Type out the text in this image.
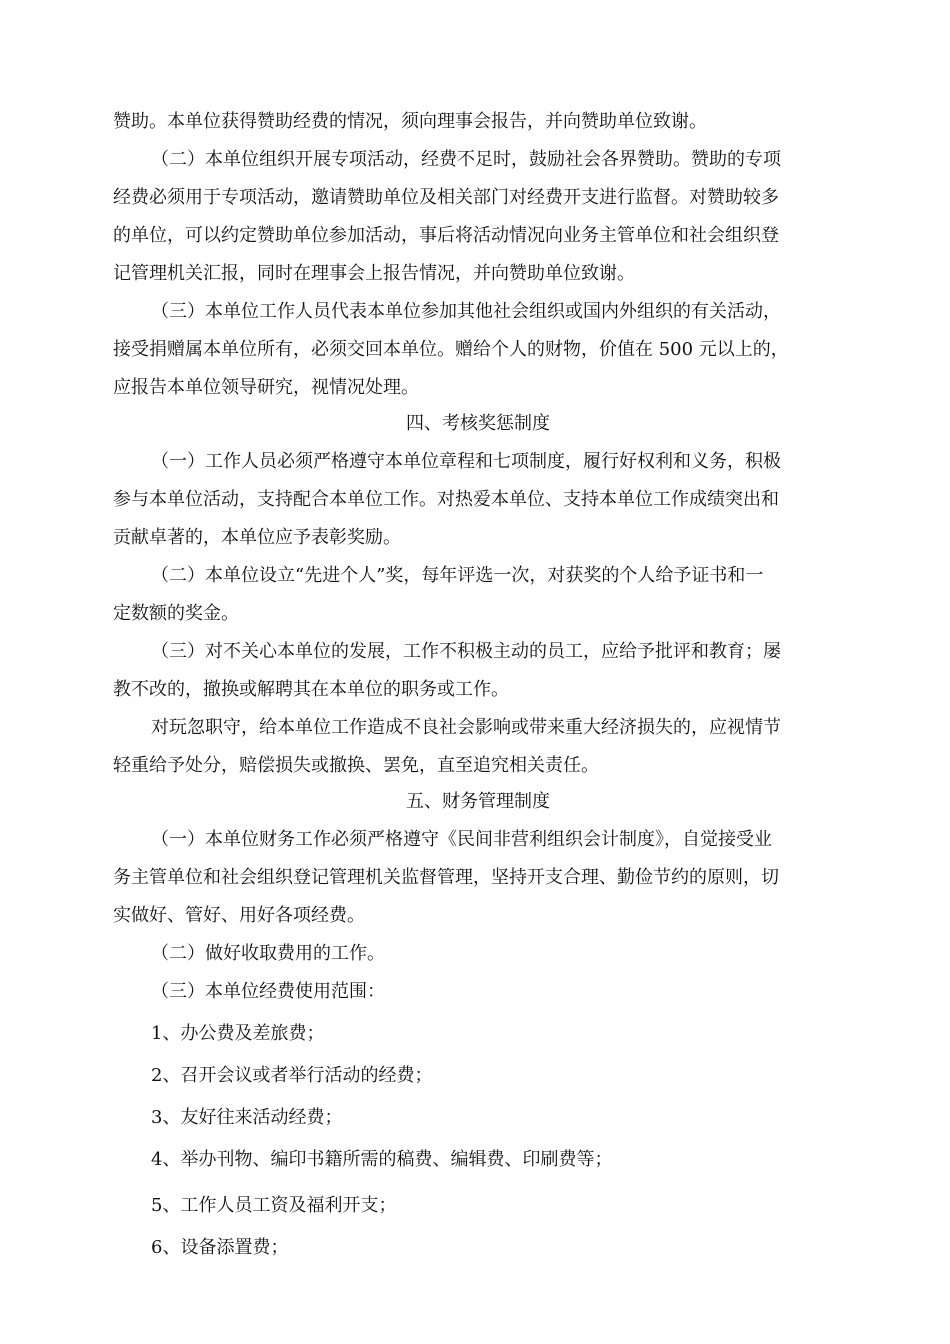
赞助。本单位获得赞助经费的情况，须向理事会报告，并向赞助单位致谢。
（二）本单位组织开展专项活动，经费不足时，鼓励社会各界赞助。赞助的专项
经费必须用于专项活动，邀请赞助单位及相关部门对经费开支进行监督。对赞助较多
的单位，可以约定赞助单位参加活动，事后将活动情况向业务主管单位和社会组织登
记管理机关汇报，同时在理事会上报告情况，并向赞助单位致谢。
（三）本单位工作人员代表本单位参加其他社会组织或国内外组织的有关活动，
接受捐赠属本单位所有，必须交回本单位。赠给个人的财物，价值在 500 元以上的，
应报告本单位领导研究，视情况处理。
四、考核奖惩制度
（一）工作人员必须严格遵守本单位章程和七项制度，履行好权利和义务，积极
参与本单位活动，支持配合本单位工作。对热爱本单位、支持本单位工作成绩突出和
贡献卓著的，本单位应予表彰奖励。
（二）本单位设立“先进个人”奖，每年评选一次，对获奖的个人给予证书和一
定数额的奖金。
（三）对不关心本单位的发展，工作不积极主动的员工，应给予批评和教育；屡
教不改的，撤换或解聘其在本单位的职务或工作。
对玩忽职守，给本单位工作造成不良社会影响或带来重大经济损失的，应视情节
轻重给予处分，赔偿损失或撤换、罢免，直至追究相关责任。
五、财务管理制度
（一）本单位财务工作必须严格遵守《民间非营利组织会计制度》，自觉接受业
务主管单位和社会组织登记管理机关监督管理，坚持开支合理、勤俭节约的原则，切
实做好、管好、用好各项经费。
（二）做好收取费用的工作。
（三）本单位经费使用范围：
1、办公费及差旅费；
2、召开会议或者举行活动的经费；
3、友好往来活动经费；
4、举办刊物、编印书籍所需的稿费、编辑费、印刷费等；
5、工作人员工资及福利开支；
6、设备添置费；
